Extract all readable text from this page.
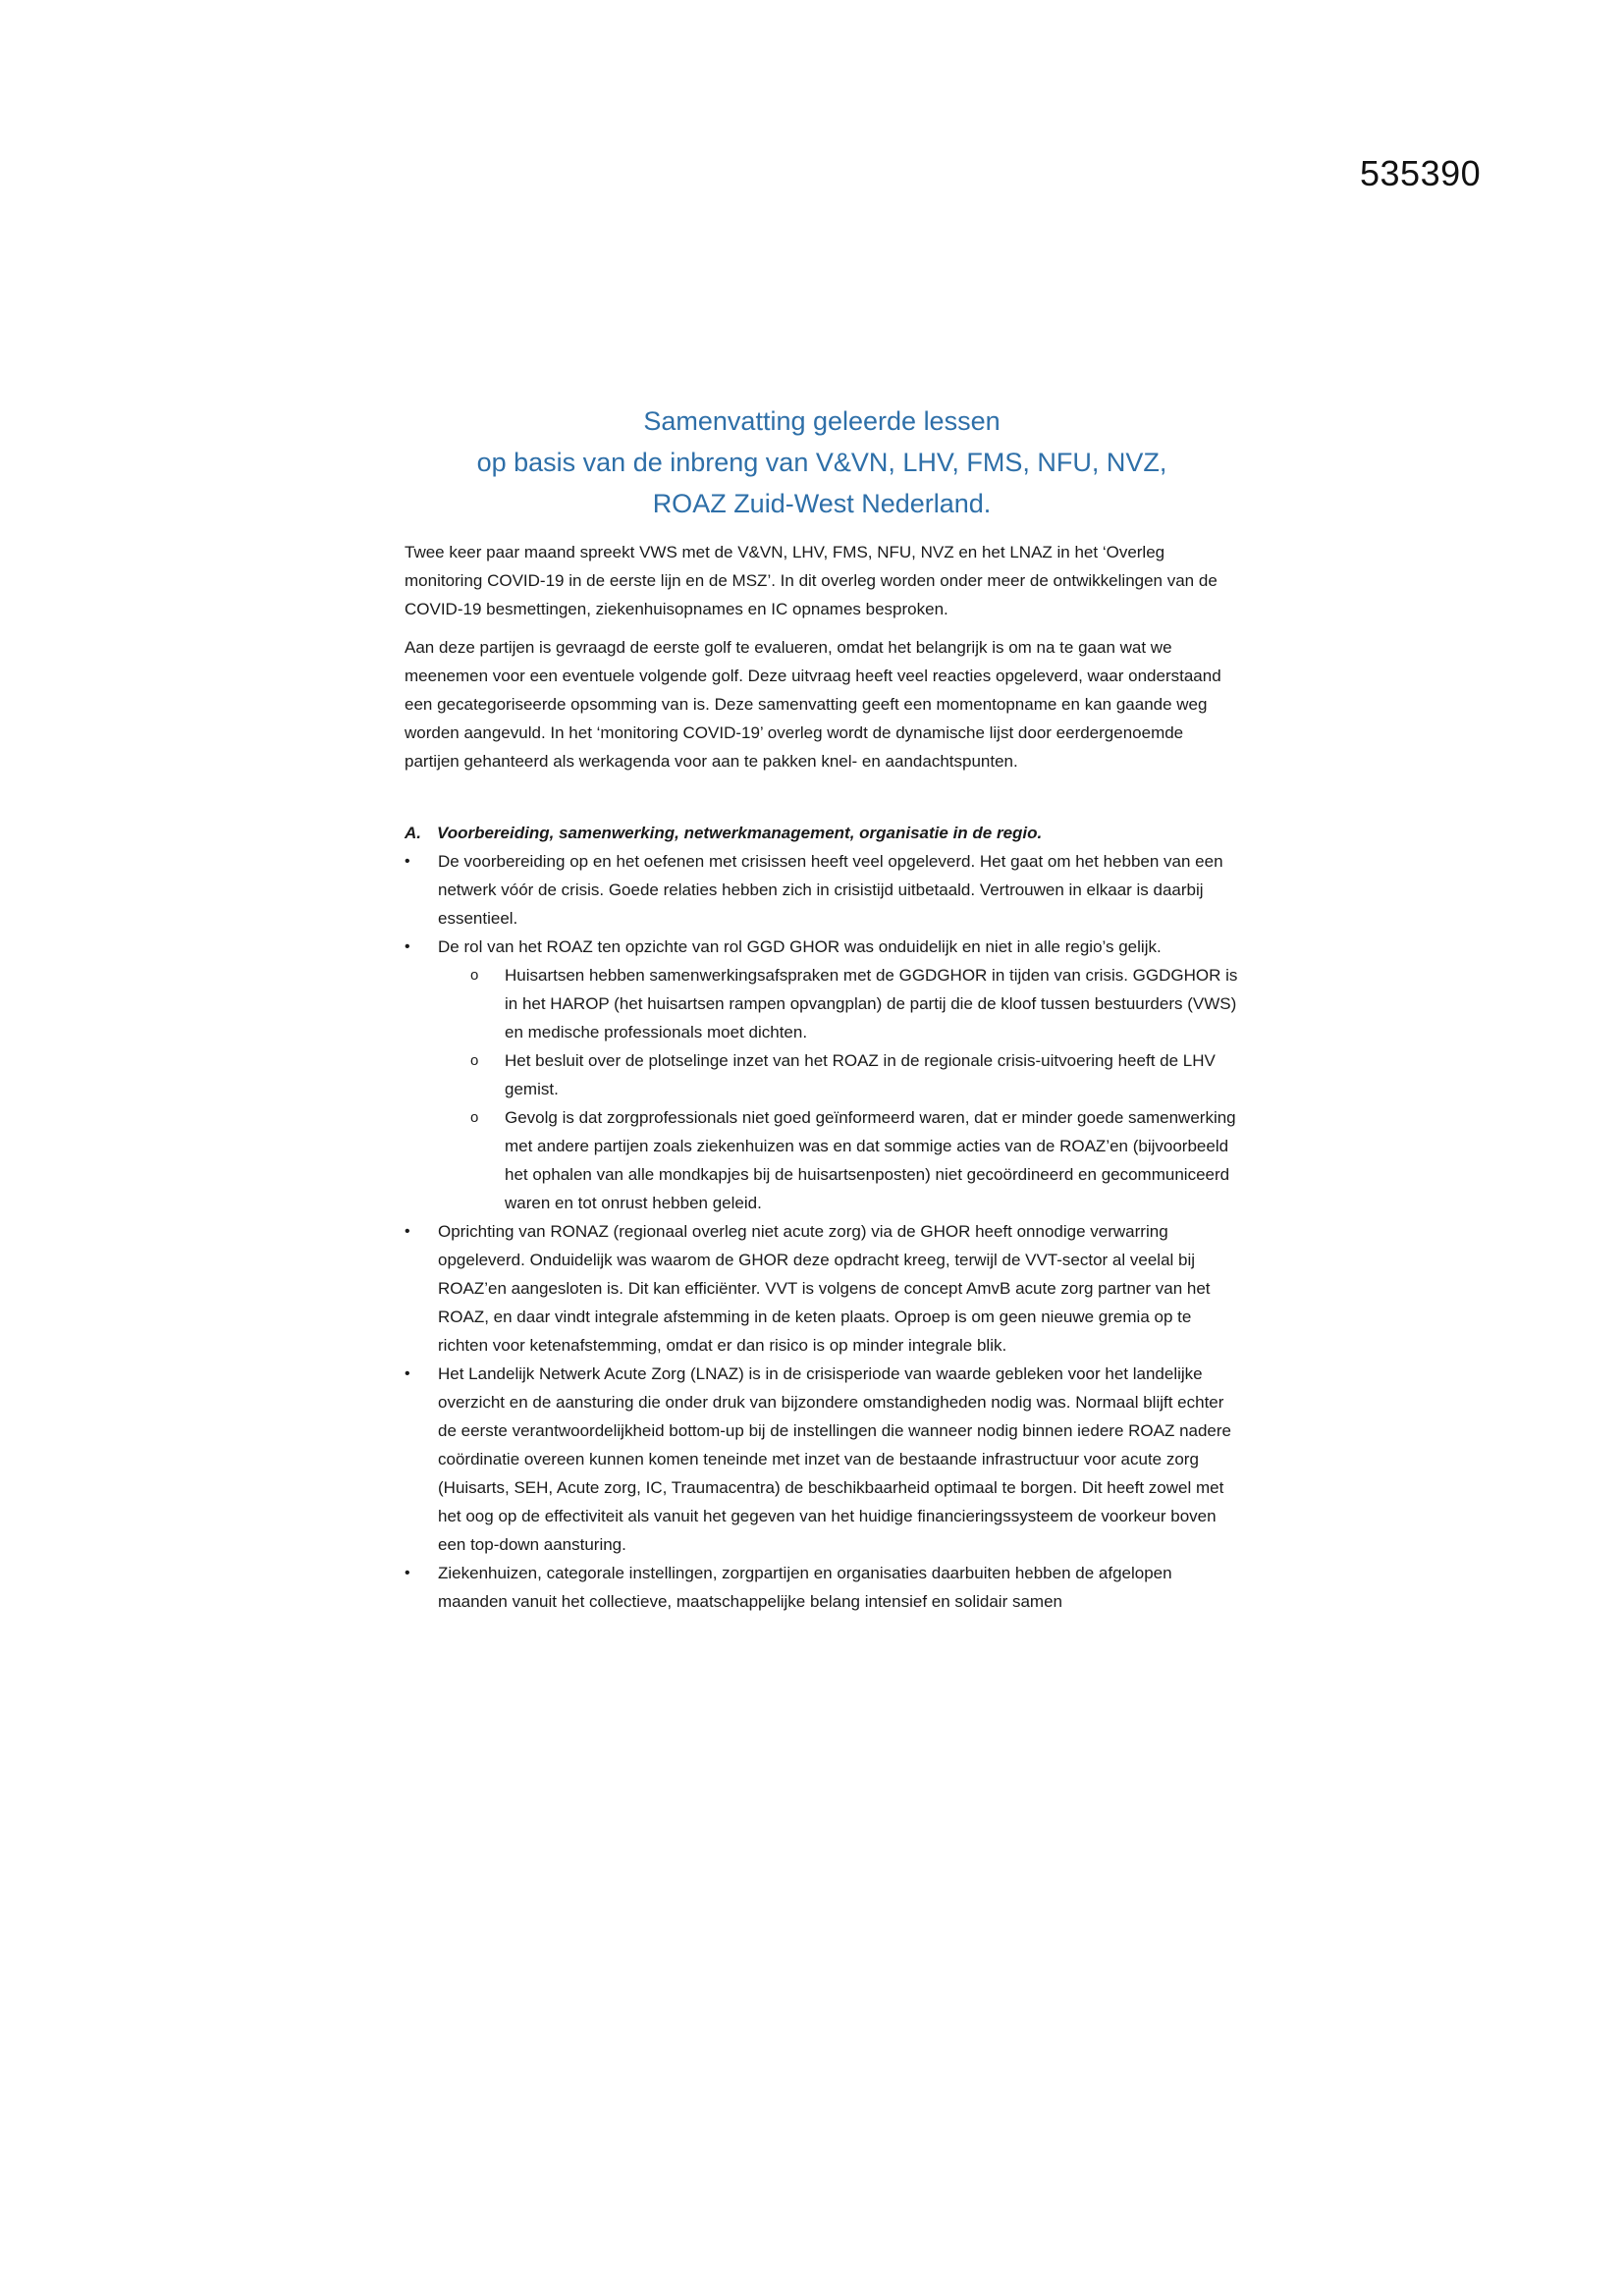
535390
Samenvatting geleerde lessen
op basis van de inbreng van V&VN, LHV, FMS, NFU, NVZ,
ROAZ Zuid-West Nederland.

Twee keer paar maand spreekt VWS met de V&VN, LHV, FMS, NFU, NVZ en het LNAZ in het ‘Overleg monitoring COVID-19 in de eerste lijn en de MSZ’. In dit overleg worden onder meer de ontwikkelingen van de COVID-19 besmettingen, ziekenhuisopnames en IC opnames besproken.

Aan deze partijen is gevraagd de eerste golf te evalueren, omdat het belangrijk is om na te gaan wat we meenemen voor een eventuele volgende golf. Deze uitvraag heeft veel reacties opgeleverd, waar onderstaand een gecategoriseerde opsomming van is. Deze samenvatting geeft een momentopname en kan gaande weg worden aangevuld. In het ‘monitoring COVID-19’ overleg wordt de dynamische lijst door eerdergenoemde partijen gehanteerd als werkagenda voor aan te pakken knel- en aandachtspunten.

A. Voorbereiding, samenwerking, netwerkmanagement, organisatie in de regio.
•	De voorbereiding op en het oefenen met crisissen heeft veel opgeleverd. Het gaat om het hebben van een netwerk vóór de crisis. Goede relaties hebben zich in crisistijd uitbetaald. Vertrouwen in elkaar is daarbij essentieel.
•	De rol van het ROAZ ten opzichte van rol GGD GHOR was onduidelijk en niet in alle regio’s gelijk.
o Huisartsen hebben samenwerkingsafspraken met de GGDGHOR in tijden van crisis. GGDGHOR is in het HAROP (het huisartsen rampen opvangplan) de partij die de kloof tussen bestuurders (VWS) en medische professionals moet dichten.
o Het besluit over de plotselinge inzet van het ROAZ in de regionale crisis-uitvoering heeft de LHV gemist.
o Gevolg is dat zorgprofessionals niet goed geïnformeerd waren, dat er minder goede samenwerking met andere partijen zoals ziekenhuizen was en dat sommige acties van de ROAZ’en (bijvoorbeeld het ophalen van alle mondkapjes bij de huisartsenposten) niet gecoördineerd en gecommuniceerd waren en tot onrust hebben geleid.
•	Oprichting van RONAZ (regionaal overleg niet acute zorg) via de GHOR heeft onnodige verwarring opgeleverd. Onduidelijk was waarom de GHOR deze opdracht kreeg, terwijl de VVT-sector al veelal bij ROAZ’en aangesloten is. Dit kan efficiënter. VVT is volgens de concept AmvB acute zorg partner van het ROAZ, en daar vindt integrale afstemming in de keten plaats. Oproep is om geen nieuwe gremia op te richten voor ketenafstemming, omdat er dan risico is op minder integrale blik.
•	Het Landelijk Netwerk Acute Zorg (LNAZ) is in de crisisperiode van waarde gebleken voor het landelijke overzicht en de aansturing die onder druk van bijzondere omstandigheden nodig was. Normaal blijft echter de eerste verantwoordelijkheid bottom-up bij de instellingen die wanneer nodig binnen iedere ROAZ nadere coördinatie overeen kunnen komen teneinde met inzet van de bestaande infrastructuur voor acute zorg (Huisarts, SEH, Acute zorg, IC, Traumacentra) de beschikbaarheid optimaal te borgen. Dit heeft zowel met het oog op de effectiviteit als vanuit het gegeven van het huidige financieringssysteem de voorkeur boven een top-down aansturing.
•	Ziekenhuizen, categorale instellingen, zorgpartijen en organisaties daarbuiten hebben de afgelopen maanden vanuit het collectieve, maatschappelijke belang intensief en solidair samen
